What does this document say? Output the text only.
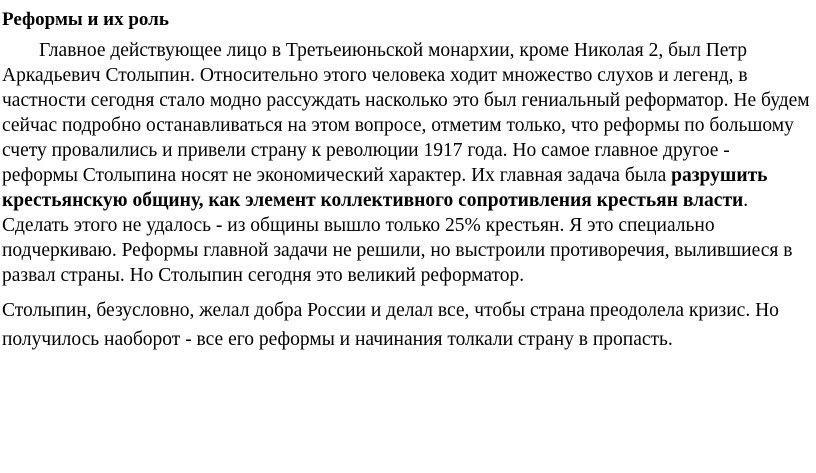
Реформы и их роль

Главное действующее лицо в Третьеиюньской монархии, кроме Николая 2, был Петр Аркадьевич Столыпин. Относительно этого человека ходит множество слухов и легенд, в частности сегодня стало модно рассуждать насколько это был гениальный реформатор. Не будем сейчас подробно останавливаться на этом вопросе, отметим только, что реформы по большому счету провалились и привели страну к революции 1917 года. Но самое главное другое - реформы Столыпина носят не экономический характер. Их главная задача была разрушить крестьянскую общину, как элемент коллективного сопротивления крестьян власти. Сделать этого не удалось - из общины вышло только 25% крестьян. Я это специально подчеркиваю. Реформы главной задачи не решили, но выстроили противоречия, вылившиеся в развал страны. Но Столыпин сегодня это великий реформатор.

Столыпин, безусловно, желал добра России и делал все, чтобы страна преодолела кризис. Но получилось наоборот - все его реформы и начинания толкали страну в пропасть.
